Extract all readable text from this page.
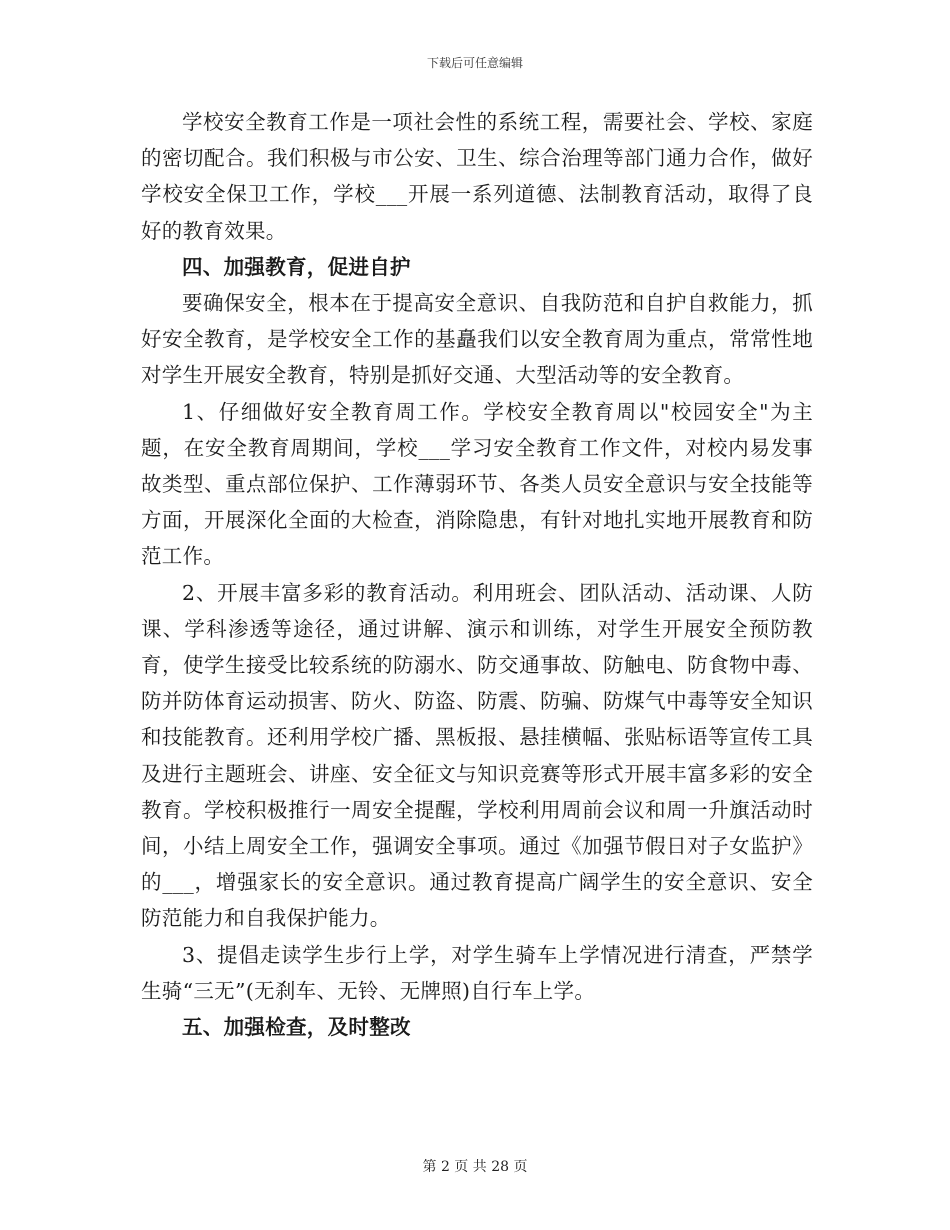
下载后可任意编辑

学校安全教育工作是一项社会性的系统工程，需要社会、学校、家庭的密切配合。我们积极与市公安、卫生、综合治理等部门通力合作，做好学校安全保卫工作，学校___开展一系列道德、法制教育活动，取得了良好的教育效果。

四、加强教育，促进自护

要确保安全，根本在于提高安全意识、自我防范和自护自救能力，抓好安全教育，是学校安全工作的基矗我们以安全教育周为重点，常常性地对学生开展安全教育，特别是抓好交通、大型活动等的安全教育。

1、仔细做好安全教育周工作。学校安全教育周以"校园安全"为主题，在安全教育周期间，学校___学习安全教育工作文件，对校内易发事故类型、重点部位保护、工作薄弱环节、各类人员安全意识与安全技能等方面，开展深化全面的大检查，消除隐患，有针对地扎实地开展教育和防范工作。

2、开展丰富多彩的教育活动。利用班会、团队活动、活动课、人防课、学科渗透等途径，通过讲解、演示和训练，对学生开展安全预防教育，使学生接受比较系统的防溺水、防交通事故、防触电、防食物中毒、防并防体育运动损害、防火、防盗、防震、防骗、防煤气中毒等安全知识和技能教育。还利用学校广播、黑板报、悬挂横幅、张贴标语等宣传工具及进行主题班会、讲座、安全征文与知识竞赛等形式开展丰富多彩的安全教育。学校积极推行一周安全提醒，学校利用周前会议和周一升旗活动时间，小结上周安全工作，强调安全事项。通过《加强节假日对子女监护》的___，增强家长的安全意识。通过教育提高广阔学生的安全意识、安全防范能力和自我保护能力。

3、提倡走读学生步行上学，对学生骑车上学情况进行清查，严禁学生骑“三无”(无刹车、无铃、无牌照)自行车上学。

五、加强检查，及时整改
第 2 页 共 28 页
